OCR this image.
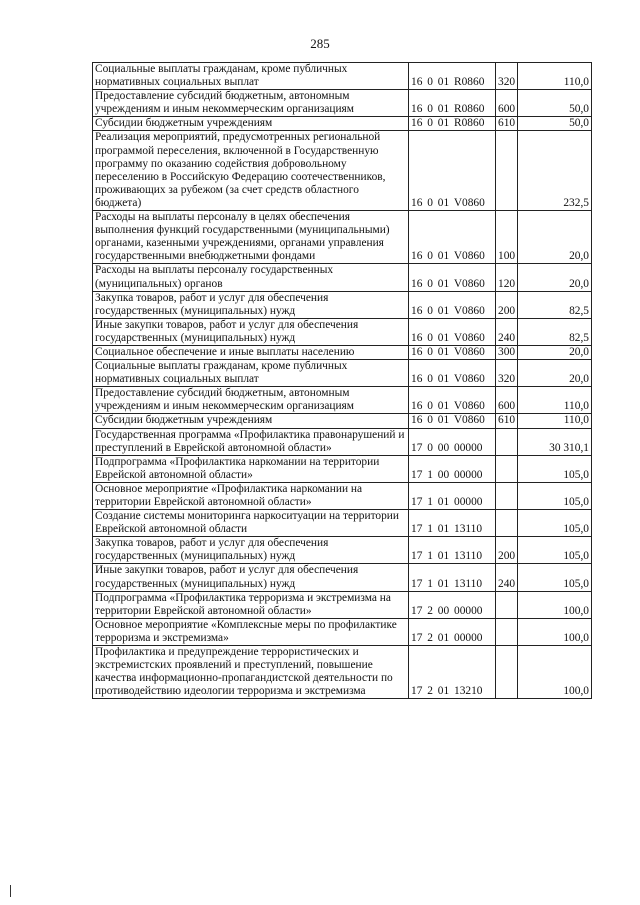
285
Социальные выплаты гражданам, кроме публичных нормативных социальных выплат	16 0 01 R0860	320	110,0
Предоставление субсидий бюджетным, автономным учреждениям и иным некоммерческим организациям	16 0 01 R0860	600	50,0
Субсидии бюджетным учреждениям	16 0 01 R0860	610	50,0
Реализация мероприятий, предусмотренных региональной программой переселения, включенной в Государственную программу по оказанию содействия добровольному переселению в Российскую Федерацию соотечественников, проживающих за рубежом (за счет средств областного бюджета)	16 0 01 V0860		232,5
Расходы на выплаты персоналу в целях обеспечения выполнения функций государственными (муниципальными) органами, казенными учреждениями, органами управления государственными внебюджетными фондами	16 0 01 V0860	100	20,0
Расходы на выплаты персоналу государственных (муниципальных) органов	16 0 01 V0860	120	20,0
Закупка товаров, работ и услуг для обеспечения государственных (муниципальных) нужд	16 0 01 V0860	200	82,5
Иные закупки товаров, работ и услуг для обеспечения государственных (муниципальных) нужд	16 0 01 V0860	240	82,5
Социальное обеспечение и иные выплаты населению	16 0 01 V0860	300	20,0
Социальные выплаты гражданам, кроме публичных нормативных социальных выплат	16 0 01 V0860	320	20,0
Предоставление субсидий бюджетным, автономным учреждениям и иным некоммерческим организациям	16 0 01 V0860	600	110,0
Субсидии бюджетным учреждениям	16 0 01 V0860	610	110,0
Государственная программа «Профилактика правонарушений и преступлений в Еврейской автономной области»	17 0 00 00000		30 310,1
Подпрограмма «Профилактика наркомании на территории Еврейской автономной области»	17 1 00 00000		105,0
Основное мероприятие «Профилактика наркомании на территории Еврейской автономной области»	17 1 01 00000		105,0
Создание системы мониторинга наркоситуации на территории Еврейской автономной области	17 1 01 13110		105,0
Закупка товаров, работ и услуг для обеспечения государственных (муниципальных) нужд	17 1 01 13110	200	105,0
Иные закупки товаров, работ и услуг для обеспечения государственных (муниципальных) нужд	17 1 01 13110	240	105,0
Подпрограмма «Профилактика терроризма и экстремизма на территории Еврейской автономной области»	17 2 00 00000		100,0
Основное мероприятие «Комплексные меры по профилактике терроризма и экстремизма»	17 2 01 00000		100,0
Профилактика и предупреждение террористических и экстремистских проявлений и преступлений, повышение качества информационно-пропагандистской деятельности по противодействию идеологии терроризма и экстремизма	17 2 01 13210		100,0
